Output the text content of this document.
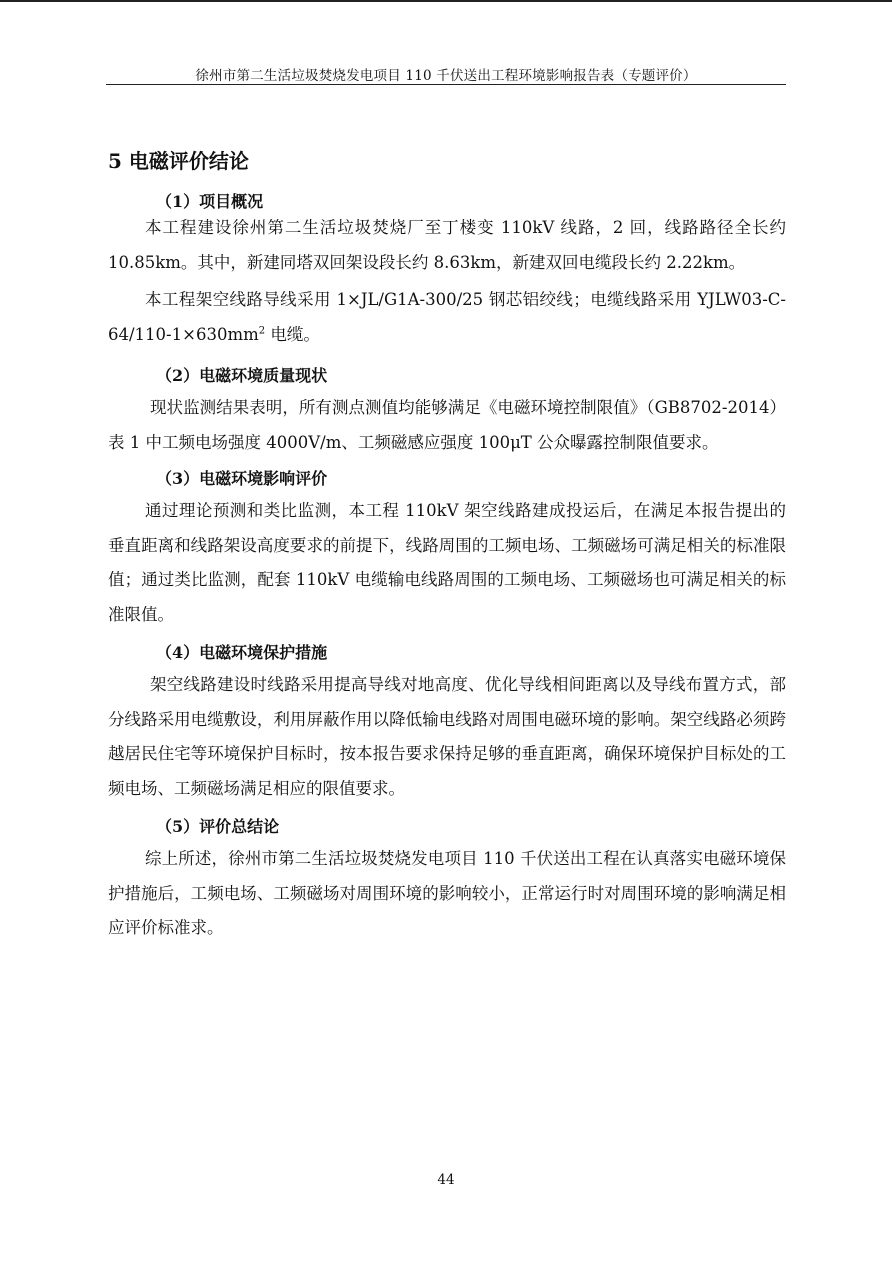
徐州市第二生活垃圾焚烧发电项目 110 千伏送出工程环境影响报告表（专题评价）
5 电磁评价结论
（1）项目概况
本工程建设徐州第二生活垃圾焚烧厂至丁楼变 110kV 线路，2 回，线路路径全长约 10.85km。其中，新建同塔双回架设段长约 8.63km，新建双回电缆段长约 2.22km。
本工程架空线路导线采用 1×JL/G1A-300/25 钢芯铝绞线；电缆线路采用 $YJLW03-C-64/110-1\times 630mm^2$ 电缆。
（2）电磁环境质量现状
现状监测结果表明，所有测点测值均能够满足《电磁环境控制限值》（GB8702-2014）表 1 中工频电场强度 4000V/m、工频磁感应强度 100μT 公众曝露控制限值要求。
（3）电磁环境影响评价
通过理论预测和类比监测，本工程 110kV 架空线路建成投运后，在满足本报告提出的垂直距离和线路架设高度要求的前提下，线路周围的工频电场、工频磁场可满足相关的标准限值；通过类比监测，配套 110kV 电缆输电线路周围的工频电场、工频磁场也可满足相关的标准限值。
（4）电磁环境保护措施
架空线路建设时线路采用提高导线对地高度、优化导线相间距离以及导线布置方式，部分线路采用电缆敷设，利用屏蔽作用以降低输电线路对周围电磁环境的影响。架空线路必须跨越居民住宅等环境保护目标时，按本报告要求保持足够的垂直距离，确保环境保护目标处的工频电场、工频磁场满足相应的限值要求。
（5）评价总结论
综上所述，徐州市第二生活垃圾焚烧发电项目 110 千伏送出工程在认真落实电磁环境保护措施后，工频电场、工频磁场对周围环境的影响较小，正常运行时对周围环境的影响满足相应评价标准求。
44
